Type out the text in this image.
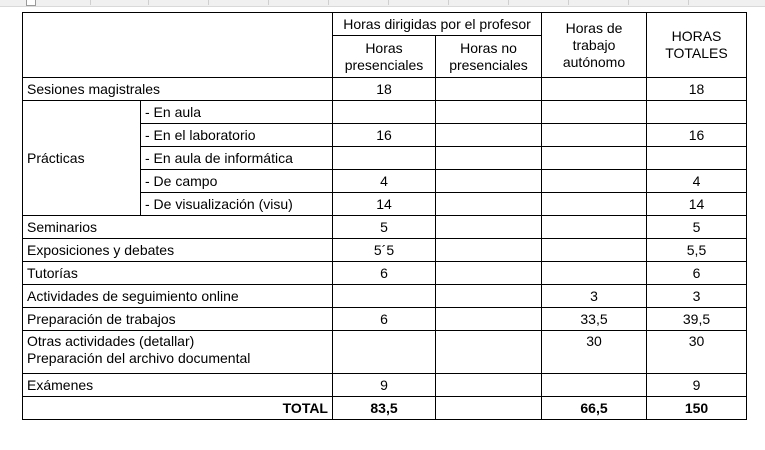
		Horas dirigidas por el profesor		Horas de
trabajo
autónomo	HORAS
TOTALES

		Horas
presenciales	Horas no
presenciales		

Sesiones magistrales		18			18
Prácticas	- En aula				
	- En el laboratorio	16			16
	- En aula de informática				
	- De campo	4			4
	- De visualización (visu)	14			14
Seminarios		5			5
Exposiciones y debates		5´5			5,5
Tutorías		6			6
Actividades de seguimiento online				3	3
Preparación de trabajos		6		33,5	39,5

Otras actividades (detallar)
Preparación del archivo documental				30	30
Exámenes		9			9
TOTAL		83,5		66,5	150
